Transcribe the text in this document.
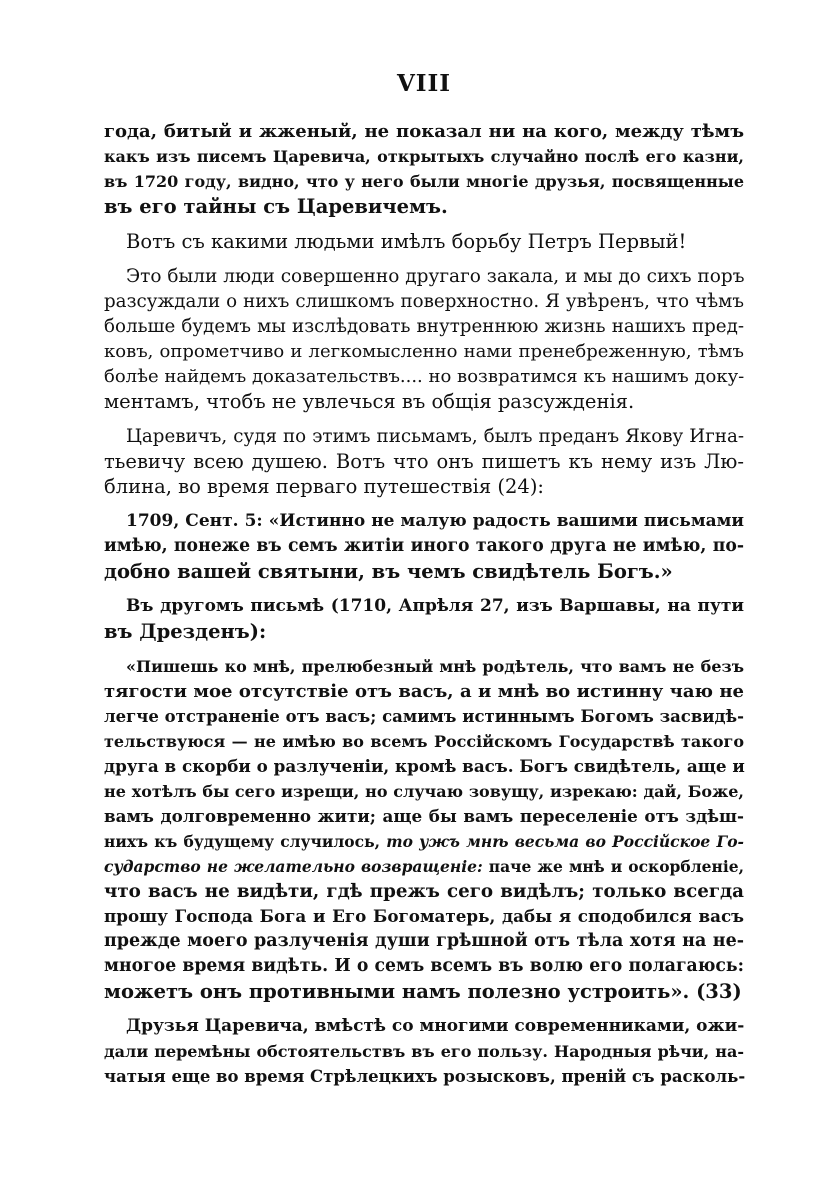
VIII
года, битый и жженый, не показал ни на кого, между тѣмъ
какъ изъ писемъ Царевича, открытыхъ случайно послѣ его казни,
въ 1720 году, видно, что у него были многіе друзья, посвященные
въ его тайны съ Царевичемъ.
Вотъ съ какими людьми имѣлъ борьбу Петръ Первый!
Это были люди совершенно другаго закала, и мы до сихъ поръ
разсуждали о нихъ слишкомъ поверхностно. Я увѣренъ, что чѣмъ
больше будемъ мы изслѣдовать внутреннюю жизнь нашихъ пред-
ковъ, опрометчиво и легкомысленно нами пренебреженную, тѣмъ
болѣе найдемъ доказательствъ.... но возвратимся къ нашимъ доку-
ментамъ, чтобъ не увлечься въ общія разсужденія.
Царевичъ, судя по этимъ письмамъ, былъ преданъ Якову Игна-
тьевичу всею душею. Вотъ что онъ пишетъ къ нему изъ Лю-
блина, во время перваго путешествія (24):
1709, Сент. 5: «Истинно не малую радость вашими письмами
имѣю, понеже въ семъ житіи иного такого друга не имѣю, по-
добно вашей святыни, въ чемъ свидѣтель Богъ.»
Въ другомъ письмѣ (1710, Апрѣля 27, изъ Варшавы, на пути
въ Дрезденъ):
«Пишешь ко мнѣ, прелюбезный мнѣ родѣтель, что вамъ не безъ
тягости мое отсутствіе отъ васъ, а и мнѣ во истинну чаю не
легче отстраненіе отъ васъ; самимъ истиннымъ Богомъ засвидѣ-
тельствуюся — не имѣю во всемъ Россійскомъ Государствѣ такого
друга в скорби о разлученіи, кромѣ васъ. Богъ свидѣтель, аще и
не хотѣлъ бы сего изрещи, но случаю зовущу, изрекаю: дай, Боже,
вамъ долговременно жити; аще бы вамъ переселеніе отъ здѣш-
нихъ къ будущему случилось, то ужъ мнѣ весьма во Россійское Го-
сударство не желательно возвращеніе: паче же мнѣ и оскорбленіе,
что васъ не видѣти, гдѣ прежъ сего видѣлъ; только всегда
прошу Господа Бога и Его Богоматерь, дабы я сподобился васъ
прежде моего разлученія души грѣшной отъ тѣла хотя на не-
многое время видѣть. И о семъ всемъ въ волю его полагаюсь:
можетъ онъ противными намъ полезно устроить». (33)
Друзья Царевича, вмѣстѣ со многими современниками, ожи-
дали перемѣны обстоятельствъ въ его пользу. Народныя рѣчи, на-
чатыя еще во время Стрѣлецкихъ розысковъ, преній съ расколь-
